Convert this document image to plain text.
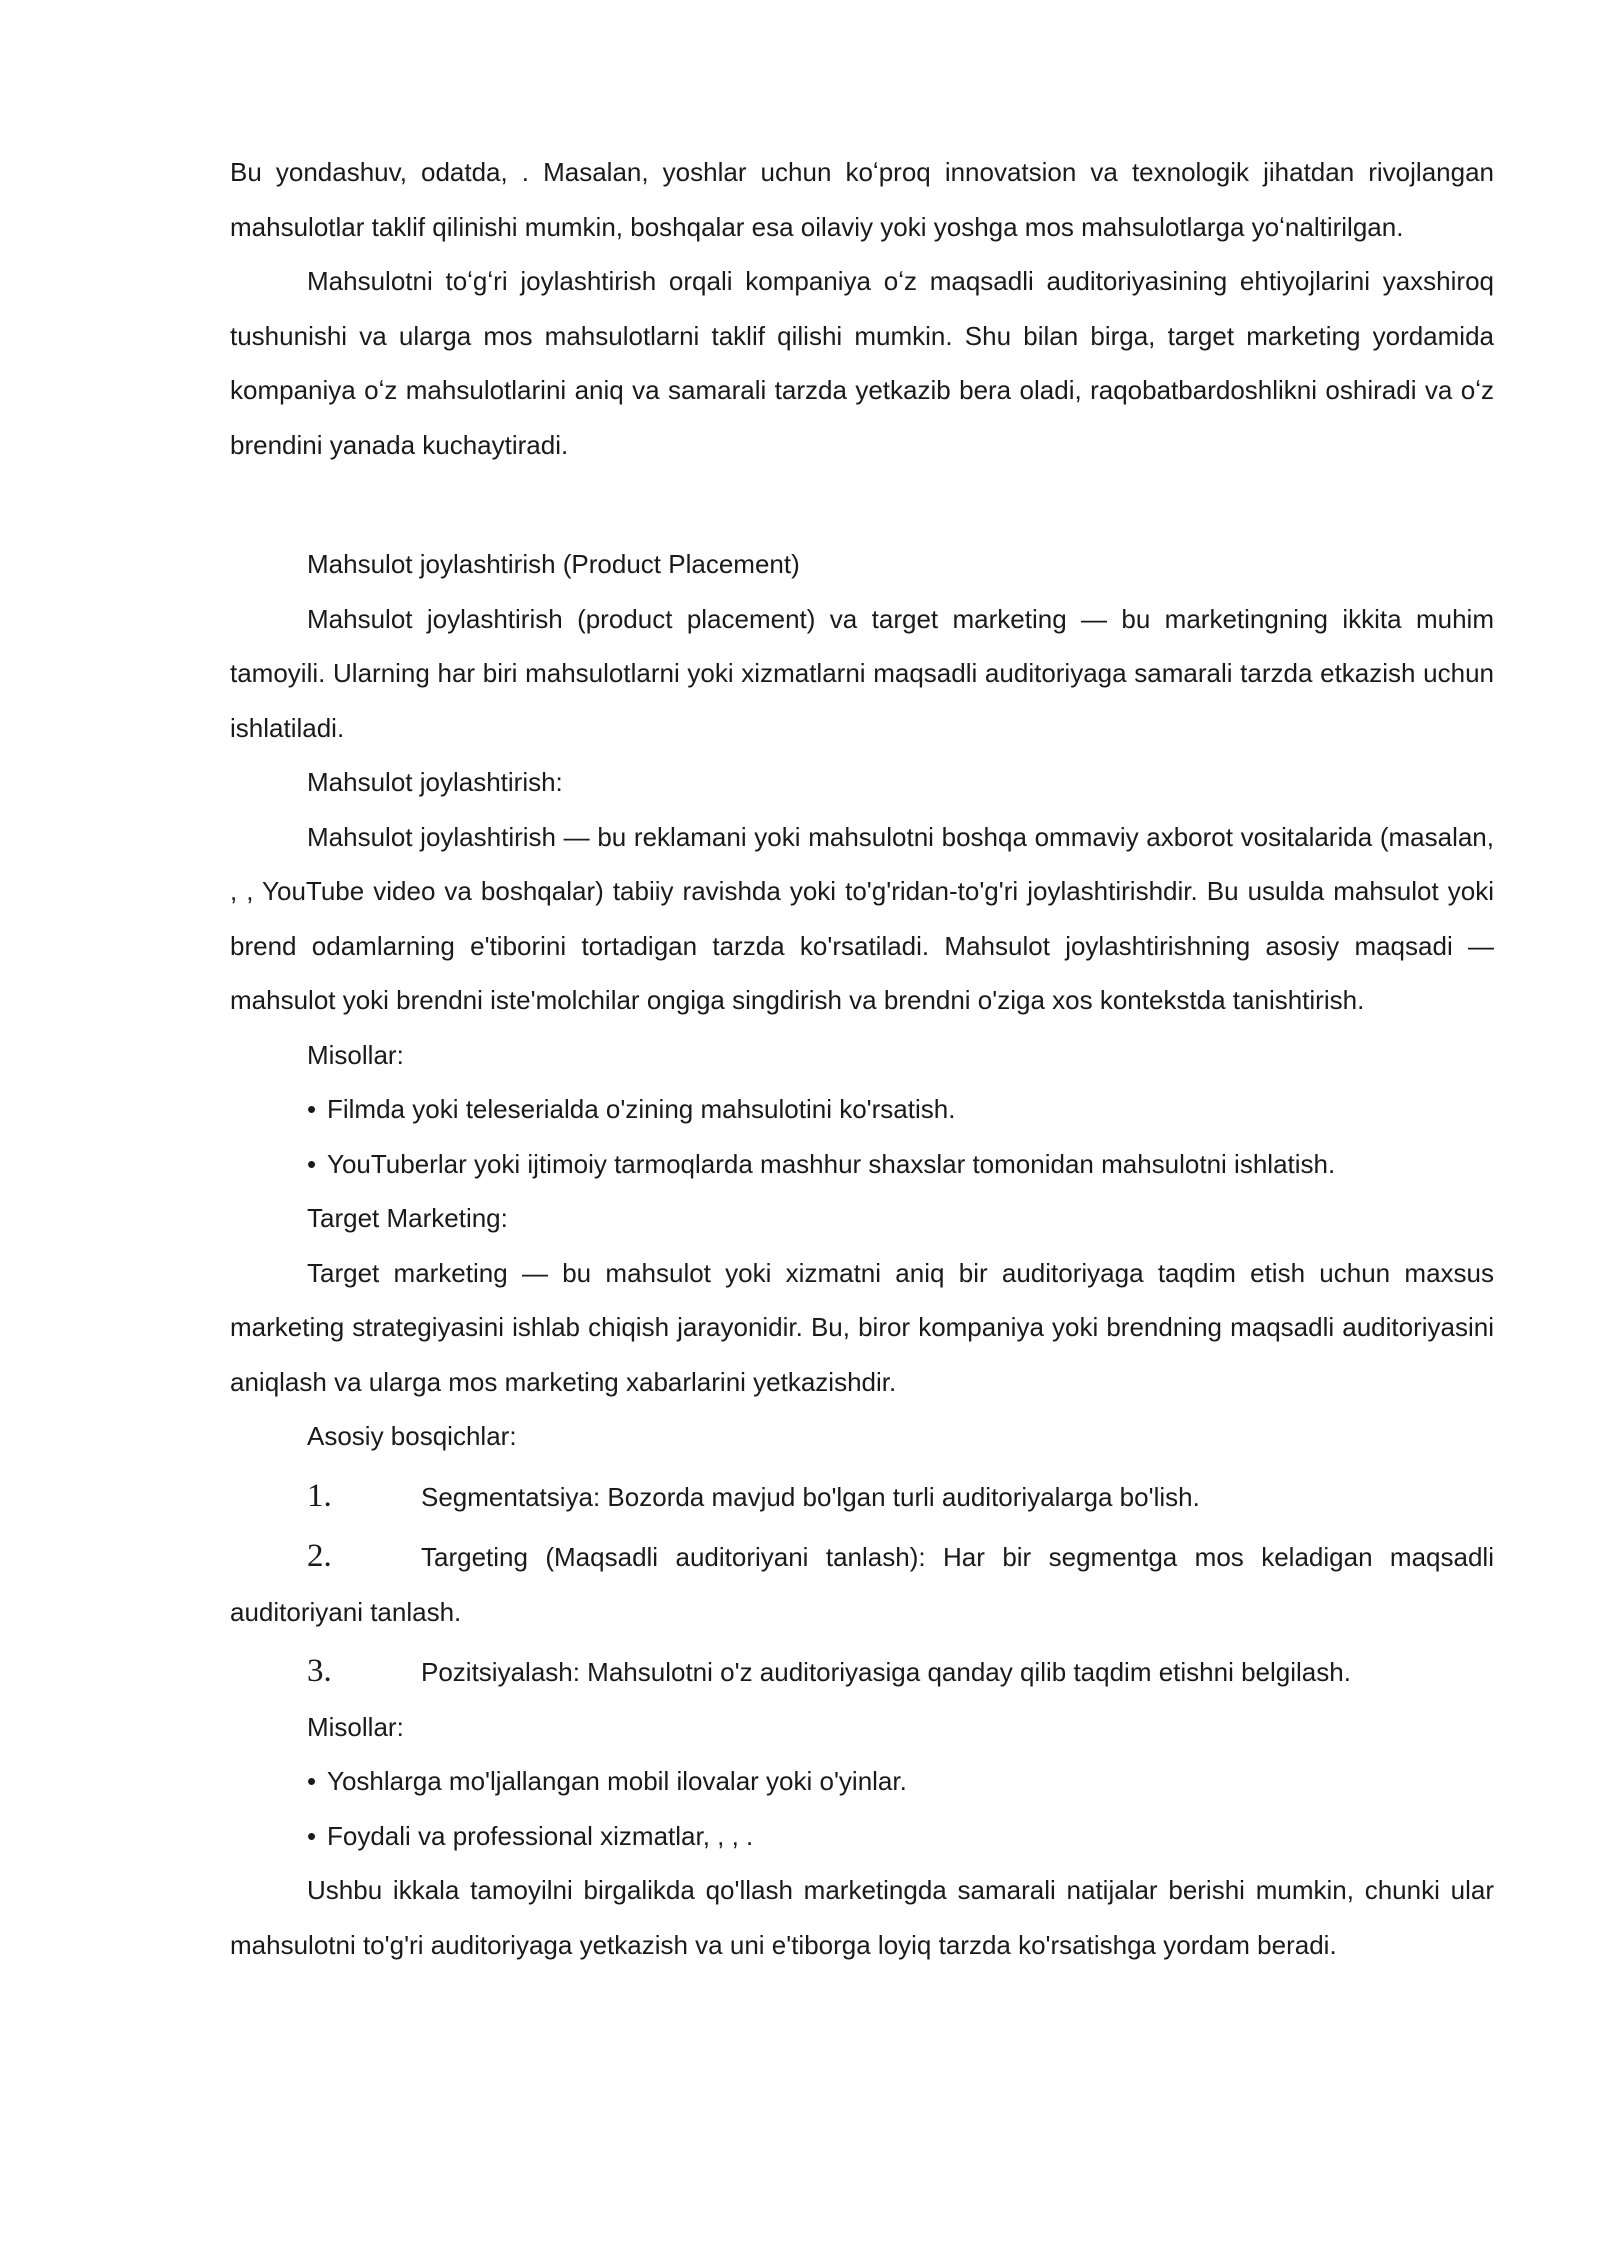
Bu yondashuv, odatda, . Masalan, yoshlar uchun koʻproq innovatsion va texnologik jihatdan rivojlangan mahsulotlar taklif qilinishi mumkin, boshqalar esa oilaviy yoki yoshga mos mahsulotlarga yoʻnaltirilgan.

Mahsulotni toʻgʻri joylashtirish orqali kompaniya oʻz maqsadli auditoriyasining ehtiyojlarini yaxshiroq tushunishi va ularga mos mahsulotlarni taklif qilishi mumkin. Shu bilan birga, target marketing yordamida kompaniya oʻz mahsulotlarini aniq va samarali tarzda yetkazib bera oladi, raqobatbardoshlikni oshiradi va oʻz brendini yanada kuchaytiradi.

Mahsulot joylashtirish (Product Placement)

Mahsulot joylashtirish (product placement) va target marketing — bu marketingning ikkita muhim tamoyili. Ularning har biri mahsulotlarni yoki xizmatlarni maqsadli auditoriyaga samarali tarzda etkazish uchun ishlatiladi.

Mahsulot joylashtirish:

Mahsulot joylashtirish — bu reklamani yoki mahsulotni boshqa ommaviy axborot vositalarida (masalan, , , YouTube video va boshqalar) tabiiy ravishda yoki to'g'ridan-to'g'ri joylashtirishdir. Bu usulda mahsulot yoki brend odamlarning e'tiborini tortadigan tarzda ko'rsatiladi. Mahsulot joylashtirishning asosiy maqsadi — mahsulot yoki brendni iste'molchilar ongiga singdirish va brendni o'ziga xos kontekstda tanishtirish.

Misollar:

• Filmda yoki teleserialda o'zining mahsulotini ko'rsatish.

• YouTuberlar yoki ijtimoiy tarmoqlarda mashhur shaxslar tomonidan mahsulotni ishlatish.

Target Marketing:

Target marketing — bu mahsulot yoki xizmatni aniq bir auditoriyaga taqdim etish uchun maxsus marketing strategiyasini ishlab chiqish jarayonidir. Bu, biror kompaniya yoki brendning maqsadli auditoriyasini aniqlash va ularga mos marketing xabarlarini yetkazishdir.

Asosiy bosqichlar:

1.	Segmentatsiya: Bozorda mavjud bo'lgan turli auditoriyalarga bo'lish.

2.	Targeting (Maqsadli auditoriyani tanlash): Har bir segmentga mos keladigan maqsadli auditoriyani tanlash.

3.	Pozitsiyalash: Mahsulotni o'z auditoriyasiga qanday qilib taqdim etishni belgilash.

Misollar:

• Yoshlarga mo'ljallangan mobil ilovalar yoki o'yinlar.

• Foydali va professional xizmatlar, , , .

Ushbu ikkala tamoyilni birgalikda qo'llash marketingda samarali natijalar berishi mumkin, chunki ular mahsulotni to'g'ri auditoriyaga yetkazish va uni e'tiborga loyiq tarzda ko'rsatishga yordam beradi.
